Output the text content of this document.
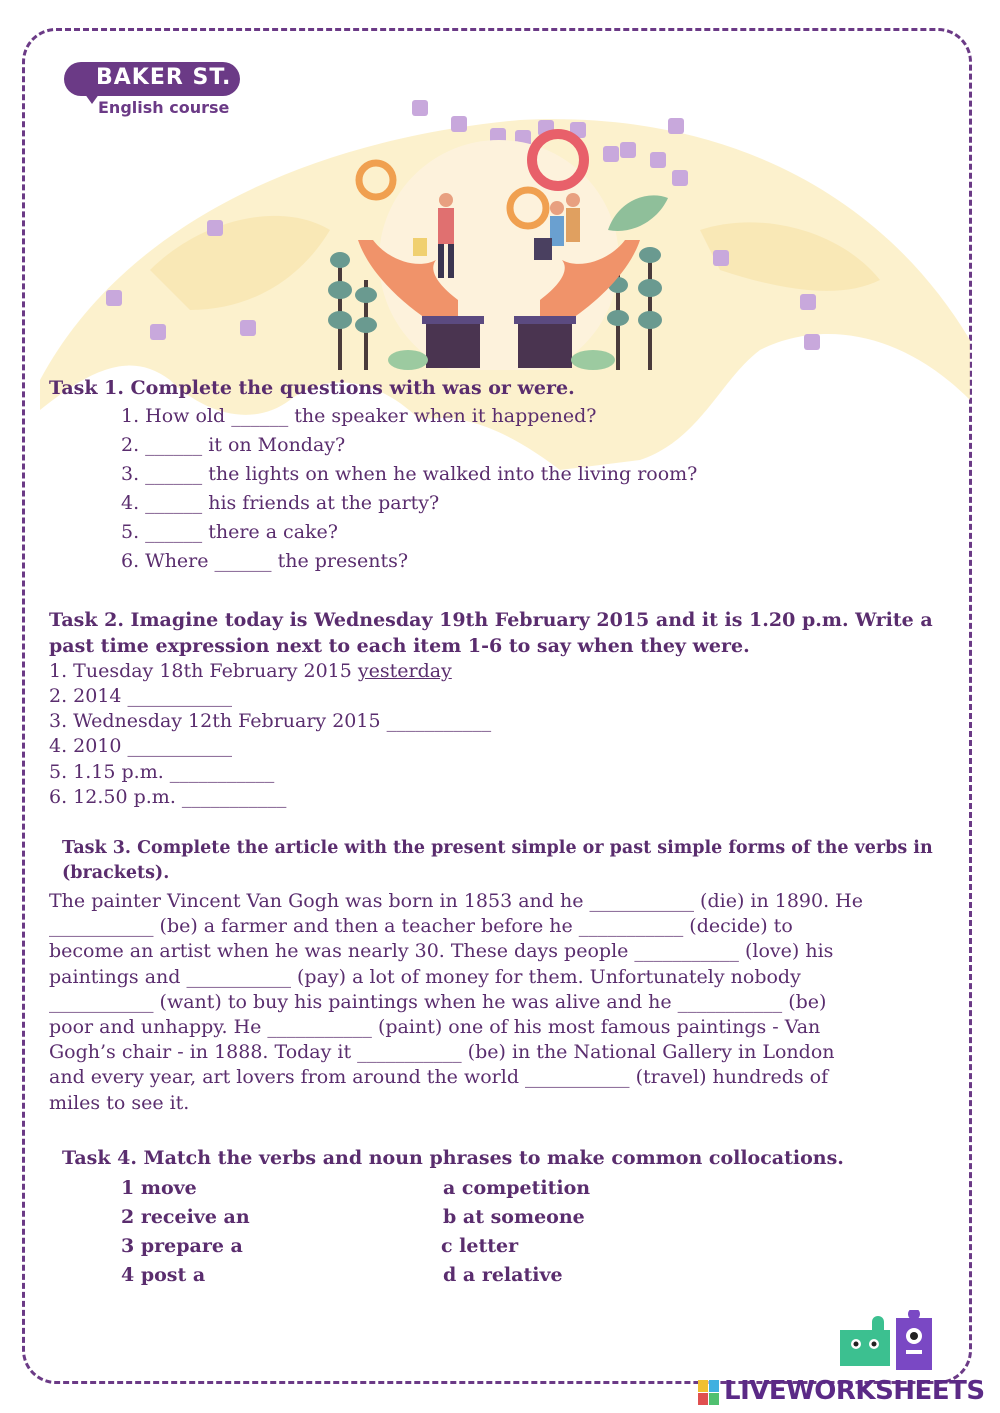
BAKER ST.
English course
Task 1. Complete the questions with was or were.
1. How old ______ the speaker when it happened?
2. ______ it on Monday?
3. ______ the lights on when he walked into the living room?
4. ______ his friends at the party?
5. ______ there a cake?
6. Where ______ the presents?
Task 2. Imagine today is Wednesday 19th February 2015 and it is 1.20 p.m. Write a
past time expression next to each item 1-6 to say when they were.
1. Tuesday 18th February 2015 yesterday
2. 2014 ___________
3. Wednesday 12th February 2015 ___________
4. 2010 ___________
5. 1.15 p.m. ___________
6. 12.50 p.m. ___________
Task 3. Complete the article with the present simple or past simple forms of the verbs in
(brackets).

The painter Vincent Van Gogh was born in 1853 and he ___________ (die) in 1890. He

___________ (be) a farmer and then a teacher before he ___________ (decide) to

become an artist when he was nearly 30. These days people ___________ (love) his

paintings and ___________ (pay) a lot of money for them. Unfortunately nobody

___________ (want) to buy his paintings when he was alive and he ___________ (be)

poor and unhappy. He ___________ (paint) one of his most famous paintings - Van

Gogh’s chair - in 1888. Today it ___________ (be) in the National Gallery in London

and every year, art lovers from around the world ___________ (travel) hundreds of

miles to see it.

Task 4. Match the verbs and noun phrases to make common collocations.
1 move
2 receive an
3 prepare a
4 post a
a competition
b at someone
c letter
d a relative
LIVEWORKSHEETS
